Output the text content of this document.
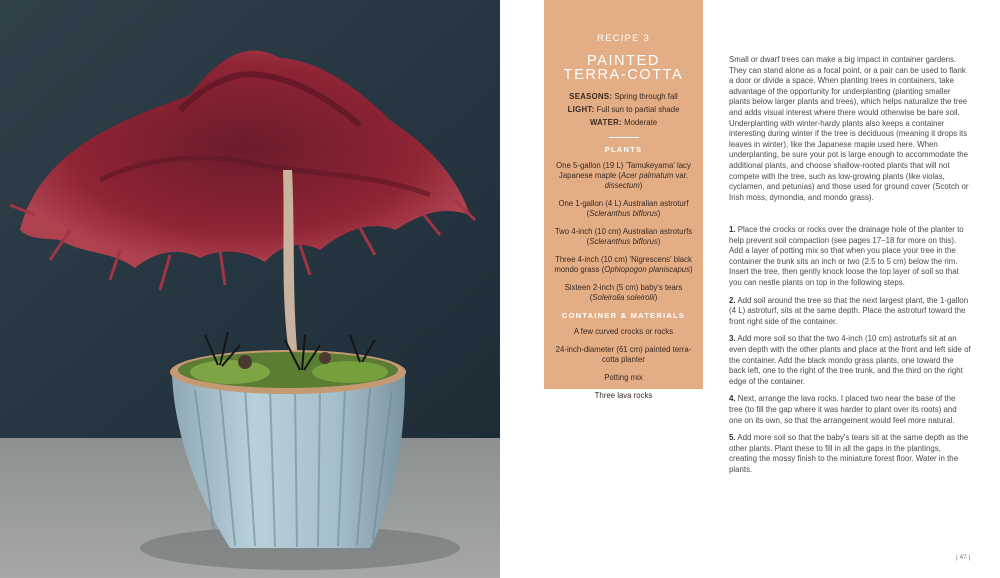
RECIPE 3
PAINTED
TERRA-COTTA
SEASONS: Spring through fall
LIGHT: Full sun to partial shade
WATER: Moderate
PLANTS
One 5-gallon (19 L) 'Tamukeyama' lacy Japanese maple (Acer palmatum var. dissectum)
One 1-gallon (4 L) Australian astroturf (Scleranthus biflorus)
Two 4-inch (10 cm) Australian astroturfs (Scleranthus biflorus)
Three 4-inch (10 cm) 'Nigrescens' black mondo grass (Ophiopogon planiscapus)
Sixteen 2-inch (5 cm) baby's tears (Soleirolia soleirolii)
CONTAINER & MATERIALS
A few curved crocks or rocks
24-inch-diameter (61 cm) painted terra-cotta planter
Potting mix
Three lava rocks
Small or dwarf trees can make a big impact in container gardens. They can stand alone as a focal point, or a pair can be used to flank a door or divide a space. When planting trees in containers, take advantage of the opportunity for underplanting (planting smaller plants below larger plants and trees), which helps naturalize the tree and adds visual interest where there would otherwise be bare soil. Underplanting with winter-hardy plants also keeps a container interesting during winter if the tree is deciduous (meaning it drops its leaves in winter), like the Japanese maple used here. When underplanting, be sure your pot is large enough to accommodate the additional plants, and choose shallow-rooted plants that will not compete with the tree, such as low-growing plants (like violas, cyclamen, and petunias) and those used for ground cover (Scotch or Irish moss, dymondia, and mondo grass).
1. Place the crocks or rocks over the drainage hole of the planter to help prevent soil compaction (see pages 17–18 for more on this). Add a layer of potting mix so that when you place your tree in the container the trunk sits an inch or two (2.5 to 5 cm) below the rim. Insert the tree, then gently knock loose the top layer of soil so that you can nestle plants on top in the following steps.
2. Add soil around the tree so that the next largest plant, the 1-gallon (4 L) astroturf, sits at the same depth. Place the astroturf toward the front right side of the container.
3. Add more soil so that the two 4-inch (10 cm) astroturfs sit at an even depth with the other plants and place at the front and left side of the container. Add the black mondo grass plants, one toward the back left, one to the right of the tree trunk, and the third on the right edge of the container.
4. Next, arrange the lava rocks. I placed two near the base of the tree (to fill the gap where it was harder to plant over its roots) and one on its own, so that the arrangement would feel more natural.
5. Add more soil so that the baby's tears sit at the same depth as the other plants. Plant these to fill in all the gaps in the plantings, creating the mossy finish to the miniature forest floor. Water in the plants.
| 47 |
